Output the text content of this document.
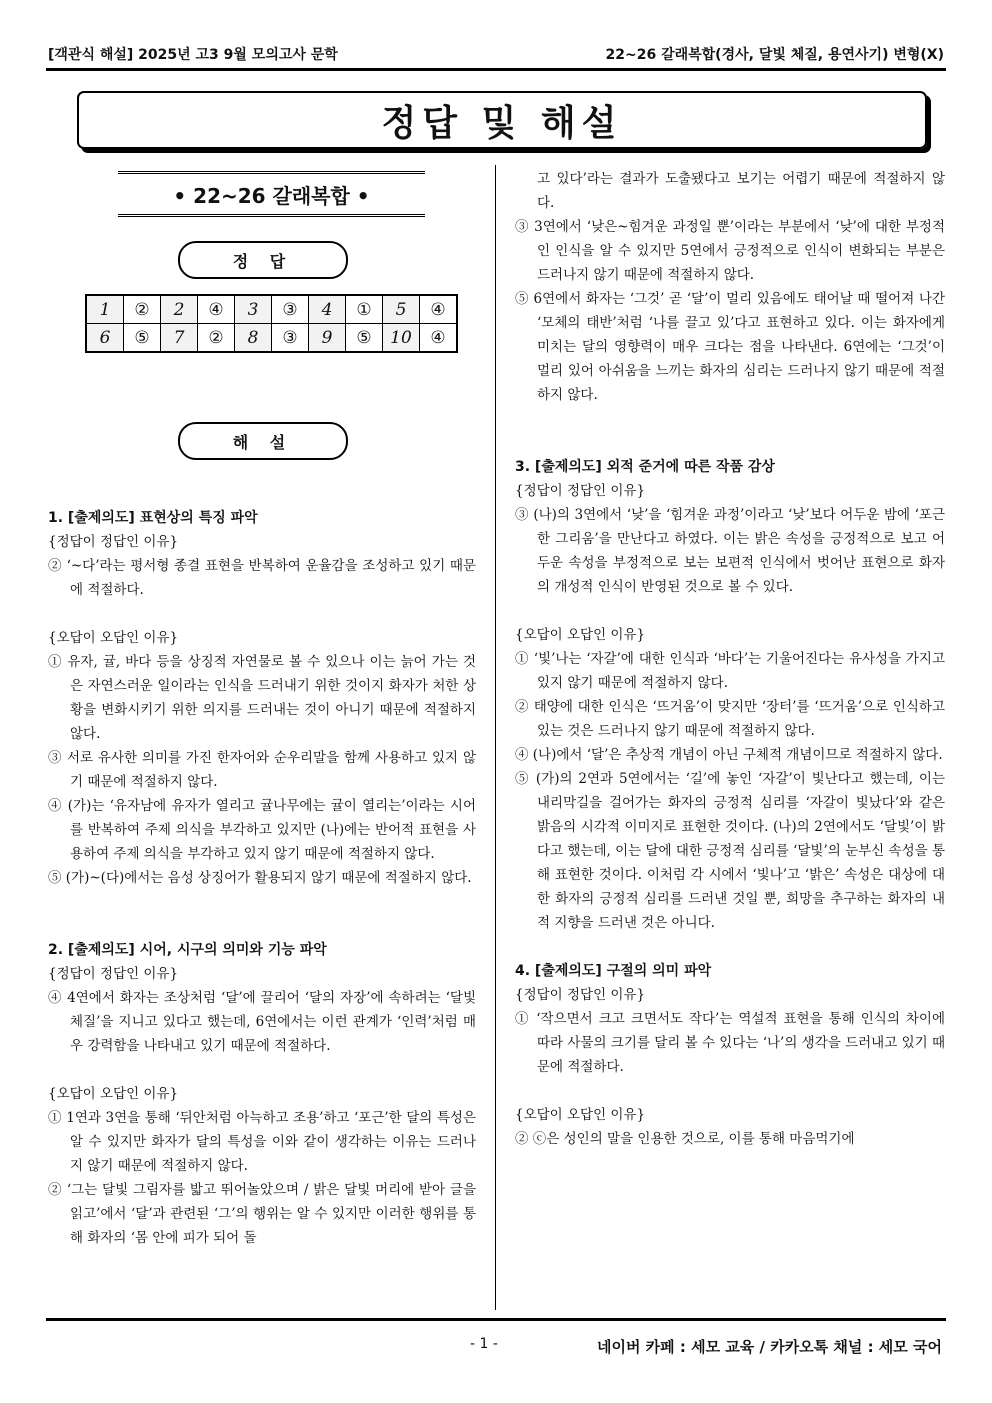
[객관식 해설] 2025년 고3 9월 모의고사 문학	22~26 갈래복합(경사, 달빛 체질, 용연사기) 변형(X)
정답 및 해설
• 22~26 갈래복합 •
정 답
1	②	2	④	3	③	4	①	5	④
6	⑤	7	②	8	③	9	⑤	10	④
해 설
1. [출제의도] 표현상의 특징 파악
{정답이 정답인 이유}
② ‘~다’라는 평서형 종결 표현을 반복하여 운율감을 조성하고 있기 때문에 적절하다.
{오답이 오답인 이유}
① 유자, 귤, 바다 등을 상징적 자연물로 볼 수 있으나 이는 늙어 가는 것은 자연스러운 일이라는 인식을 드러내기 위한 것이지 화자가 처한 상황을 변화시키기 위한 의지를 드러내는 것이 아니기 때문에 적절하지 않다.
③ 서로 유사한 의미를 가진 한자어와 순우리말을 함께 사용하고 있지 않기 때문에 적절하지 않다.
④ (가)는 ‘유자남에 유자가 열리고 귤나무에는 귤이 열리는’이라는 시어를 반복하여 주제 의식을 부각하고 있지만 (나)에는 반어적 표현을 사용하여 주제 의식을 부각하고 있지 않기 때문에 적절하지 않다.
⑤ (가)~(다)에서는 음성 상징어가 활용되지 않기 때문에 적절하지 않다.
2. [출제의도] 시어, 시구의 의미와 기능 파악
{정답이 정답인 이유}
④ 4연에서 화자는 조상처럼 ‘달’에 끌리어 ‘달의 자장’에 속하려는 ‘달빛 체질’을 지니고 있다고 했는데, 6연에서는 이런 관계가 ‘인력’처럼 매우 강력함을 나타내고 있기 때문에 적절하다.
{오답이 오답인 이유}
① 1연과 3연을 통해 ‘뒤안처럼 아늑하고 조용’하고 ‘포근’한 달의 특성은 알 수 있지만 화자가 달의 특성을 이와 같이 생각하는 이유는 드러나지 않기 때문에 적절하지 않다.
② ‘그는 달빛 그림자를 밟고 뛰어놀았으며 / 밝은 달빛 머리에 받아 글을 읽고’에서 ‘달’과 관련된 ‘그’의 행위는 알 수 있지만 이러한 행위를 통해 화자의 ‘몸 안에 피가 되어 돌
고 있다’라는 결과가 도출됐다고 보기는 어렵기 때문에 적절하지 않다.
③ 3연에서 ‘낮은~힘겨운 과정일 뿐’이라는 부분에서 ‘낮’에 대한 부정적인 인식을 알 수 있지만 5연에서 긍정적으로 인식이 변화되는 부분은 드러나지 않기 때문에 적절하지 않다.
⑤ 6연에서 화자는 ‘그것’ 곧 ‘달’이 멀리 있음에도 태어날 때 떨어져 나간 ‘모체의 태반’처럼 ‘나를 끌고 있’다고 표현하고 있다. 이는 화자에게 미치는 달의 영향력이 매우 크다는 점을 나타낸다. 6연에는 ‘그것’이 멀리 있어 아쉬움을 느끼는 화자의 심리는 드러나지 않기 때문에 적절하지 않다.
3. [출제의도] 외적 준거에 따른 작품 감상
{정답이 정답인 이유}
③ (나)의 3연에서 ‘낮’을 ‘힘겨운 과정’이라고 ‘낮’보다 어두운 밤에 ‘포근한 그리움’을 만난다고 하였다. 이는 밝은 속성을 긍정적으로 보고 어두운 속성을 부정적으로 보는 보편적 인식에서 벗어난 표현으로 화자의 개성적 인식이 반영된 것으로 볼 수 있다.
{오답이 오답인 이유}
① ‘빛’나는 ‘자갈’에 대한 인식과 ‘바다’는 기울어진다는 유사성을 가지고 있지 않기 때문에 적절하지 않다.
② 태양에 대한 인식은 ‘뜨거움’이 맞지만 ‘장터’를 ‘뜨거움’으로 인식하고 있는 것은 드러나지 않기 때문에 적절하지 않다.
④ (나)에서 ‘달’은 추상적 개념이 아닌 구체적 개념이므로 적절하지 않다.
⑤ (가)의 2연과 5연에서는 ‘길’에 놓인 ‘자갈’이 빛난다고 했는데, 이는 내리막길을 걸어가는 화자의 긍정적 심리를 ‘자갈이 빛났다’와 같은 밝음의 시각적 이미지로 표현한 것이다. (나)의 2연에서도 ‘달빛’이 밝다고 했는데, 이는 달에 대한 긍정적 심리를 ‘달빛’의 눈부신 속성을 통해 표현한 것이다. 이처럼 각 시에서 ‘빛나’고 ‘밝은’ 속성은 대상에 대한 화자의 긍정적 심리를 드러낸 것일 뿐, 희망을 추구하는 화자의 내적 지향을 드러낸 것은 아니다.
4. [출제의도] 구절의 의미 파악
{정답이 정답인 이유}
① ‘작으면서 크고 크면서도 작다’는 역설적 표현을 통해 인식의 차이에 따라 사물의 크기를 달리 볼 수 있다는 ‘나’의 생각을 드러내고 있기 때문에 적절하다.
{오답이 오답인 이유}
② ⓒ은 성인의 말을 인용한 것으로, 이를 통해 마음먹기에
- 1 -	네이버 카페 : 세모 교육 / 카카오톡 채널 : 세모 국어
